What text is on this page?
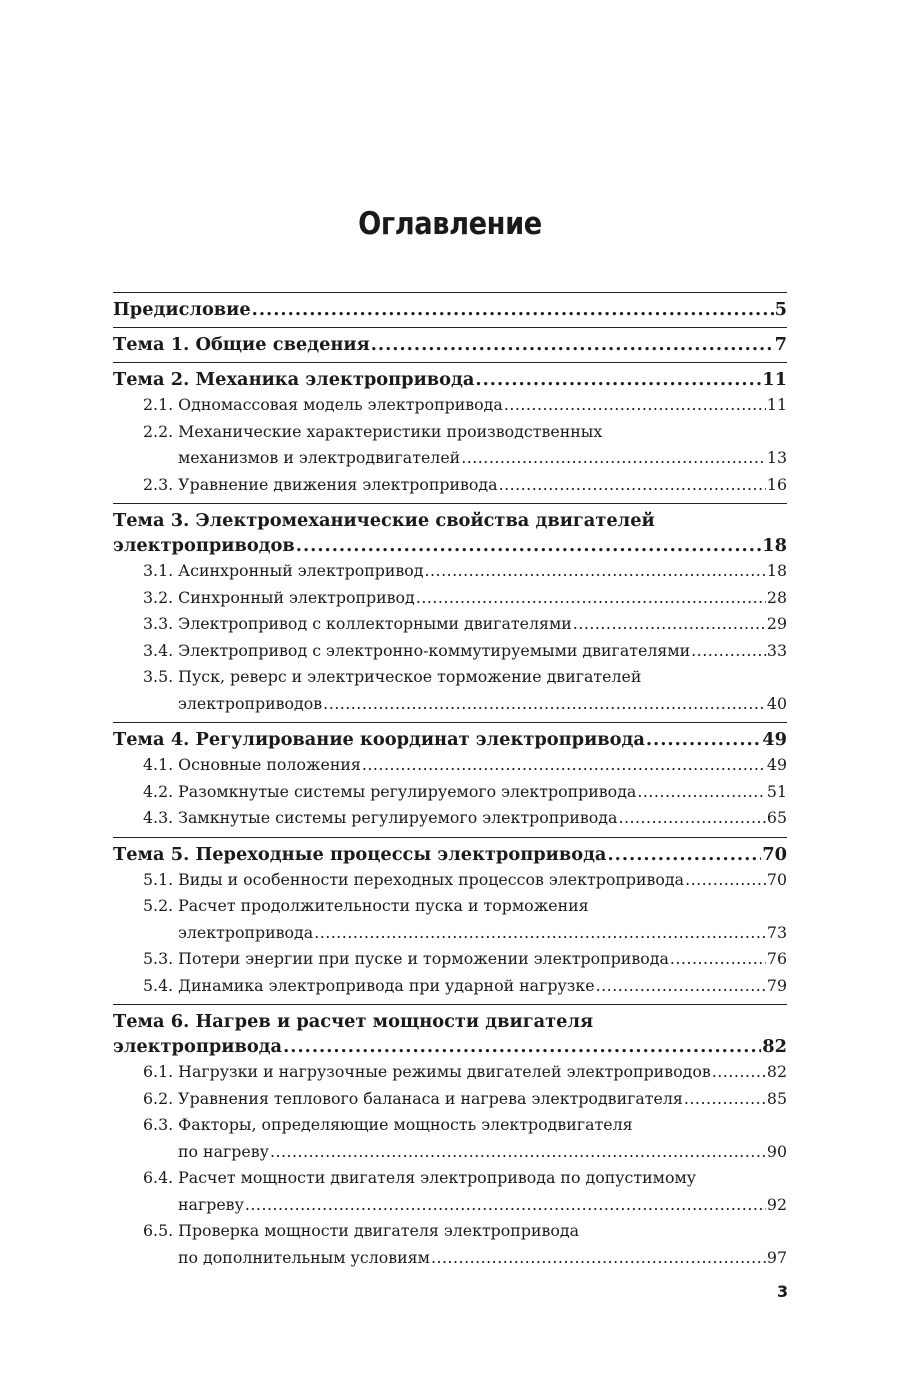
Оглавление
Предисловие .....	5
Тема 1. Общие сведения .....	7
Тема 2. Механика электропривода .....	11
2.1. Одномассовая модель электропривода .....	11
2.2. Механические характеристики производственных
механизмов и электродвигателей .....	13
2.3. Уравнение движения электропривода .....	16
Тема 3. Электромеханические свойства двигателей
электроприводов .....	18
3.1. Асинхронный электропривод .....	18
3.2. Синхронный электропривод .....	28
3.3. Электропривод с коллекторными двигателями .....	29
3.4. Электропривод с электронно-коммутируемыми двигателями .....	33
3.5. Пуск, реверс и электрическое торможение двигателей
электроприводов .....	40
Тема 4. Регулирование координат электропривода .....	49
4.1. Основные положения .....	49
4.2. Разомкнутые системы регулируемого электропривода .....	51
4.3. Замкнутые системы регулируемого электропривода .....	65
Тема 5. Переходные процессы электропривода .....	70
5.1. Виды и особенности переходных процессов электропривода .....	70
5.2. Расчет продолжительности пуска и торможения
электропривода .....	73
5.3. Потери энергии при пуске и торможении электропривода .....	76
5.4. Динамика электропривода при ударной нагрузке .....	79
Тема 6. Нагрев и расчет мощности двигателя
электропривода .....	82
6.1. Нагрузки и нагрузочные режимы двигателей электроприводов .....	82
6.2. Уравнения теплового баланаса и нагрева электродвигателя .....	85
6.3. Факторы, определяющие мощность электродвигателя
по нагреву .....	90
6.4. Расчет мощности двигателя электропривода по допустимому
нагреву .....	92
6.5. Проверка мощности двигателя электропривода
по дополнительным условиям .....	97
3
